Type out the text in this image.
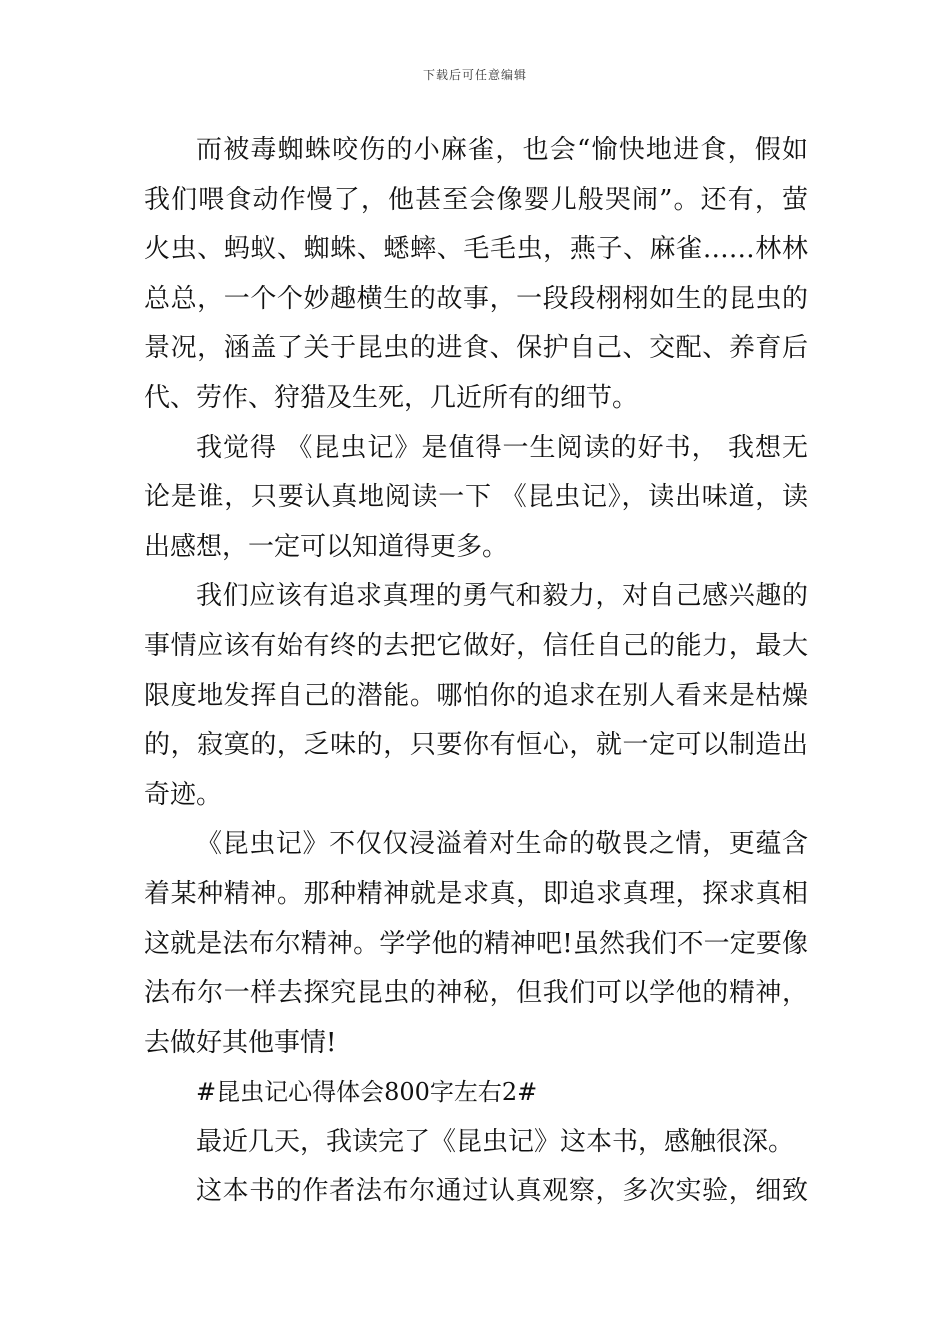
下载后可任意编辑
而被毒蜘蛛咬伤的小麻雀，也会“愉快地进食，假如
我们喂食动作慢了，他甚至会像婴儿般哭闹”。还有，萤
火虫、蚂蚁、蜘蛛、蟋蟀、毛毛虫，燕子、麻雀……林林
总总，一个个妙趣横生的故事，一段段栩栩如生的昆虫的
景况，涵盖了关于昆虫的进食、保护自己、交配、养育后
代、劳作、狩猎及生死，几近所有的细节。
我觉得 《昆虫记》是值得一生阅读的好书， 我想无
论是谁，只要认真地阅读一下 《昆虫记》，读出味道，读
出感想，一定可以知道得更多。
我们应该有追求真理的勇气和毅力，对自己感兴趣的
事情应该有始有终的去把它做好，信任自己的能力，最大
限度地发挥自己的潜能。哪怕你的追求在别人看来是枯燥
的，寂寞的，乏味的，只要你有恒心，就一定可以制造出
奇迹。
《昆虫记》不仅仅浸溢着对生命的敬畏之情，更蕴含
着某种精神。那种精神就是求真，即追求真理，探求真相
这就是法布尔精神。学学他的精神吧!虽然我们不一定要像
法布尔一样去探究昆虫的神秘，但我们可以学他的精神，
去做好其他事情!
#昆虫记心得体会800字左右2#
最近几天，我读完了《昆虫记》这本书，感触很深。
这本书的作者法布尔通过认真观察，多次实验，细致
